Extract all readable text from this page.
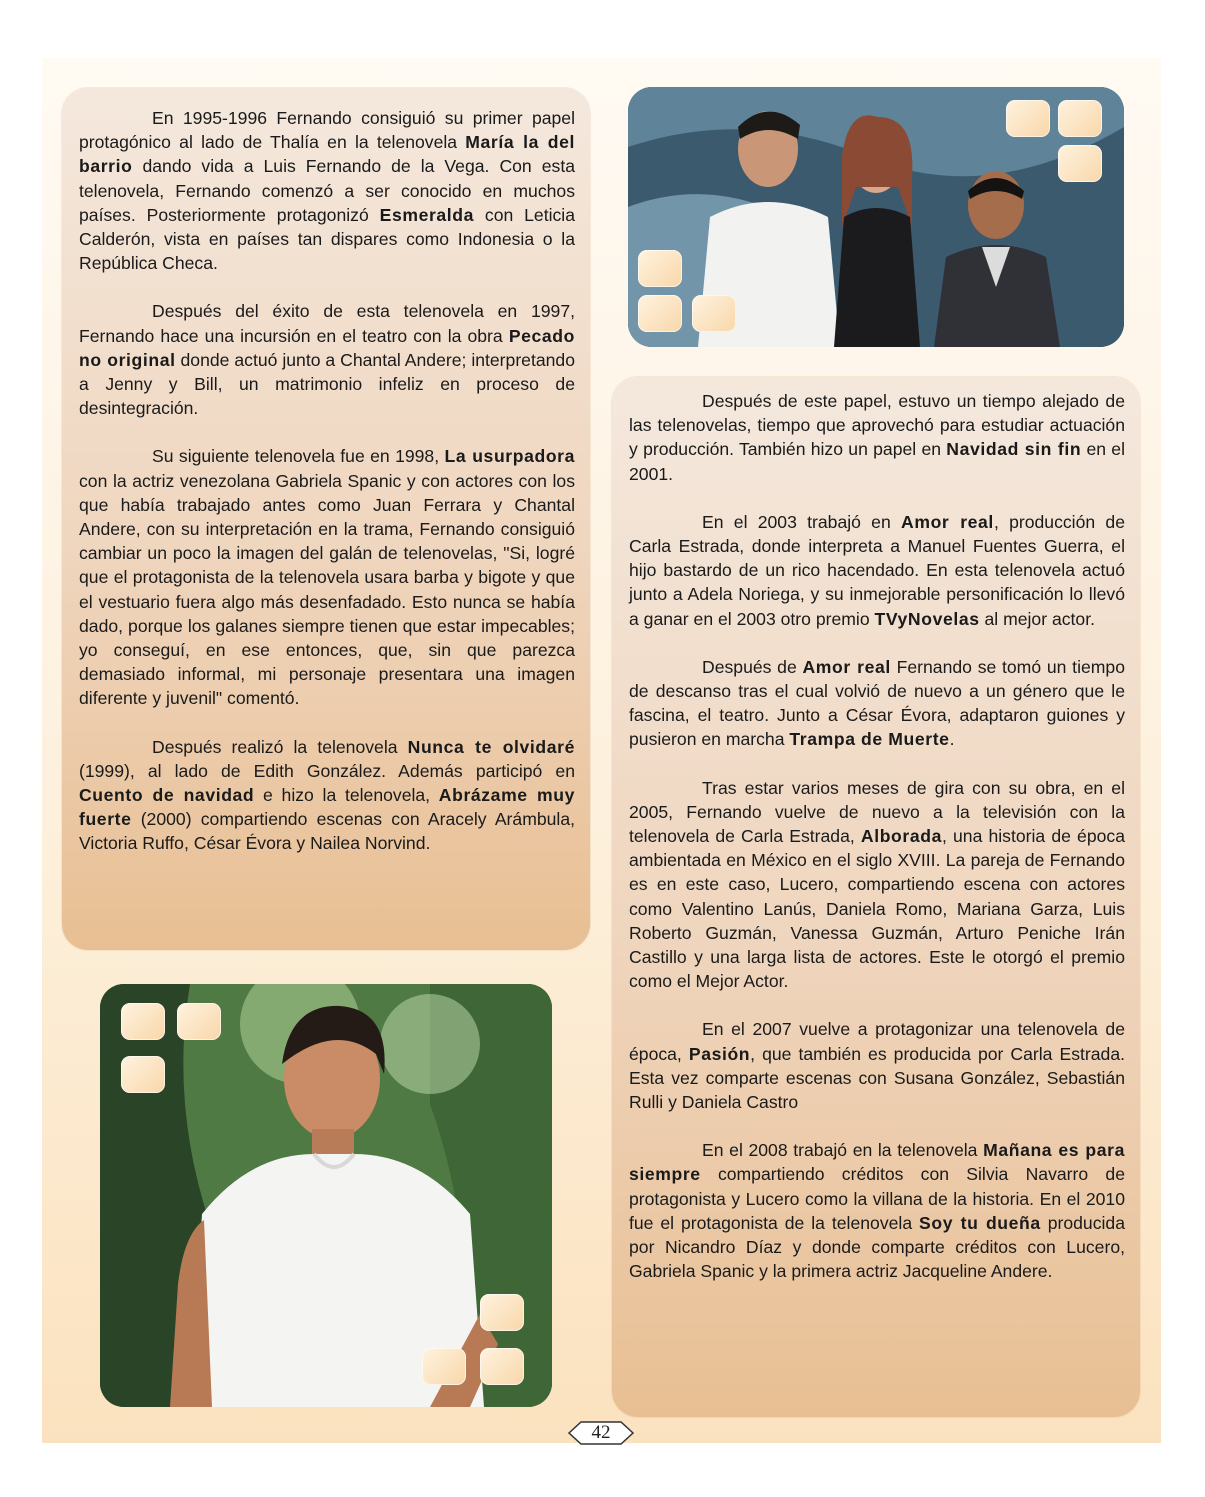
En 1995-1996 Fernando consiguió su primer papel protagónico al lado de Thalía en la telenovela María la del barrio dando vida a Luis Fernando de la Vega. Con esta telenovela, Fernando comenzó a ser conocido en muchos países. Posteriormente protagonizó Esmeralda con Leticia Calderón, vista en países tan dispares como Indonesia o la República Checa.

Después del éxito de esta telenovela en 1997, Fernando hace una incursión en el teatro con la obra Pecado no original donde actuó junto a Chantal Andere; interpretando a Jenny y Bill, un matrimonio infeliz en proceso de desintegración.

Su siguiente telenovela fue en 1998, La usurpadora con la actriz venezolana Gabriela Spanic y con actores con los que había trabajado antes como Juan Ferrara y Chantal Andere, con su interpretación en la trama, Fernando consiguió cambiar un poco la imagen del galán de telenovelas, "Si, logré que el protagonista de la telenovela usara barba y bigote y que el vestuario fuera algo más desenfadado. Esto nunca se había dado, porque los galanes siempre tienen que estar impecables; yo conseguí, en ese entonces, que, sin que parezca demasiado informal, mi personaje presentara una imagen diferente y juvenil" comentó.

Después realizó la telenovela Nunca te olvidaré (1999), al lado de Edith González. Además participó en Cuento de navidad e hizo la telenovela, Abrázame muy fuerte (2000) compartiendo escenas con Aracely Arámbula, Victoria Ruffo, César Évora y Nailea Norvind.

Después de este papel, estuvo un tiempo alejado de las telenovelas, tiempo que aprovechó para estudiar actuación y producción. También hizo un papel en Navidad sin fin en el 2001.

En el 2003 trabajó en Amor real, producción de Carla Estrada, donde interpreta a Manuel Fuentes Guerra, el hijo bastardo de un rico hacendado. En esta telenovela actuó junto a Adela Noriega, y su inmejorable personificación lo llevó a ganar en el 2003 otro premio TVyNovelas al mejor actor.

Después de Amor real Fernando se tomó un tiempo de descanso tras el cual volvió de nuevo a un género que le fascina, el teatro. Junto a César Évora, adaptaron guiones y pusieron en marcha Trampa de Muerte.

Tras estar varios meses de gira con su obra, en el 2005, Fernando vuelve de nuevo a la televisión con la telenovela de Carla Estrada, Alborada, una historia de época ambientada en México en el siglo XVIII. La pareja de Fernando es en este caso, Lucero, compartiendo escena con actores como Valentino Lanús, Daniela Romo, Mariana Garza, Luis Roberto Guzmán, Vanessa Guzmán, Arturo Peniche Irán Castillo y una larga lista de actores. Este le otorgó el premio como el Mejor Actor.

En el 2007 vuelve a protagonizar una telenovela de época, Pasión, que también es producida por Carla Estrada. Esta vez comparte escenas con Susana González, Sebastián Rulli y Daniela Castro

En el 2008 trabajó en la telenovela Mañana es para siempre compartiendo créditos con Silvia Navarro de protagonista y Lucero como la villana de la historia. En el 2010 fue el protagonista de la telenovela Soy tu dueña producida por Nicandro Díaz y donde comparte créditos con Lucero, Gabriela Spanic y la primera actriz Jacqueline Andere.

42
